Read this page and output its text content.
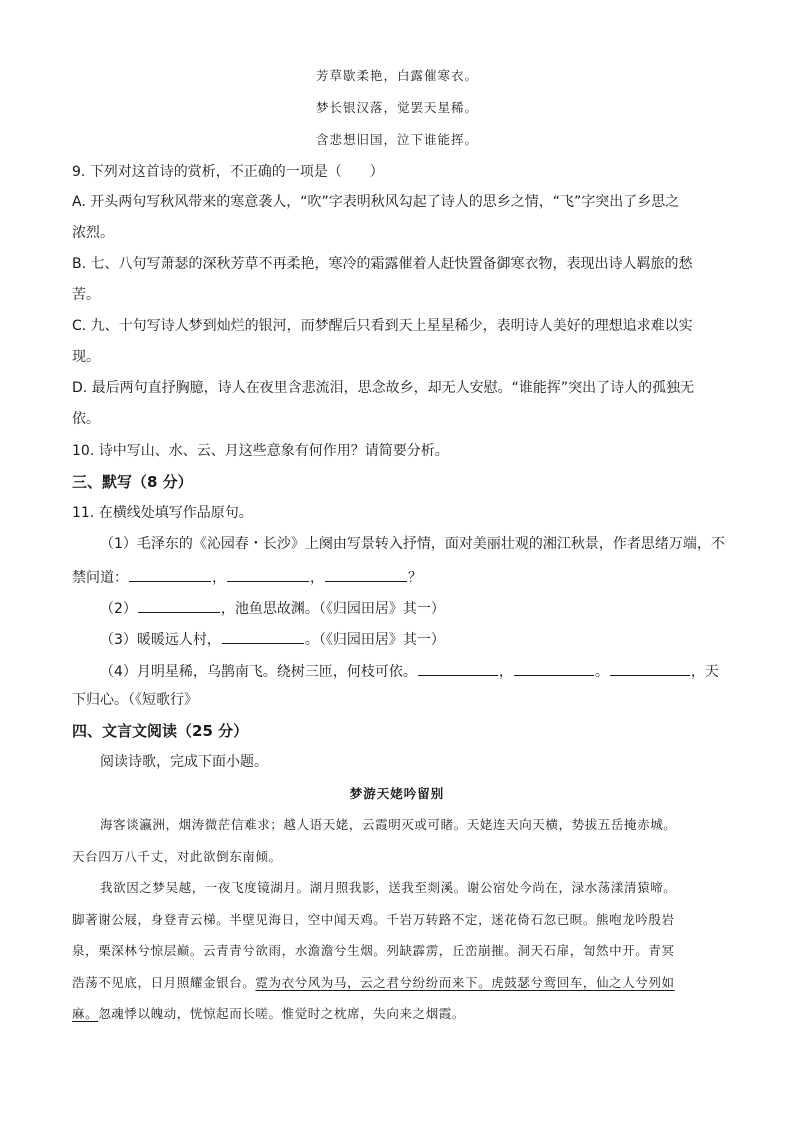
芳草歇柔艳，白露催寒衣。
梦长银汉落，觉罢天星稀。
含悲想旧国，泣下谁能挥。
9. 下列对这首诗的赏析，不正确的一项是（　　）
A. 开头两句写秋风带来的寒意袭人，“吹”字表明秋风勾起了诗人的思乡之情，“飞”字突出了乡思之
浓烈。
B. 七、八句写萧瑟的深秋芳草不再柔艳，寒冷的霜露催着人赶快置备御寒衣物，表现出诗人羁旅的愁
苦。
C. 九、十句写诗人梦到灿烂的银河，而梦醒后只看到天上星星稀少，表明诗人美好的理想追求难以实
现。
D. 最后两句直抒胸臆，诗人在夜里含悲流泪，思念故乡，却无人安慰。“谁能挥”突出了诗人的孤独无
依。
10. 诗中写山、水、云、月这些意象有何作用？请简要分析。
三、默写（8 分）
11. 在横线处填写作品原句。
（1）毛泽东的《沁园春・长沙》上阕由写景转入抒情，面对美丽壮观的湘江秋景，作者思绪万端，不
禁问道：	，	，	？
（2）	，池鱼思故渊。（《归园田居》其一）
（3）暖暖远人村，	。（《归园田居》其一）
（4）月明星稀，乌鹊南飞。绕树三匝，何枝可依。	，	。	，天
下归心。（《短歌行》
四、文言文阅读（25 分）
阅读诗歌，完成下面小题。
梦游天姥吟留别
海客谈瀛洲，烟涛微茫信难求；越人语天姥，云霞明灭或可睹。天姥连天向天横，势拔五岳掩赤城。
天台四万八千丈，对此欲倒东南倾。
我欲因之梦吴越，一夜飞度镜湖月。湖月照我影，送我至剡溪。谢公宿处今尚在，渌水荡漾清猿啼。
脚著谢公屐，身登青云梯。半壁见海日，空中闻天鸡。千岩万转路不定，迷花倚石忽已暝。熊咆龙吟殷岩
泉，栗深林兮惊层巅。云青青兮欲雨，水澹澹兮生烟。列缺霹雳，丘峦崩摧。洞天石扉，訇然中开。青冥
浩荡不见底，日月照耀金银台。霓为衣兮风为马，云之君兮纷纷而来下。虎鼓瑟兮鸾回车，仙之人兮列如
麻。忽魂悸以魄动，恍惊起而长嗟。惟觉时之枕席，失向来之烟霞。
